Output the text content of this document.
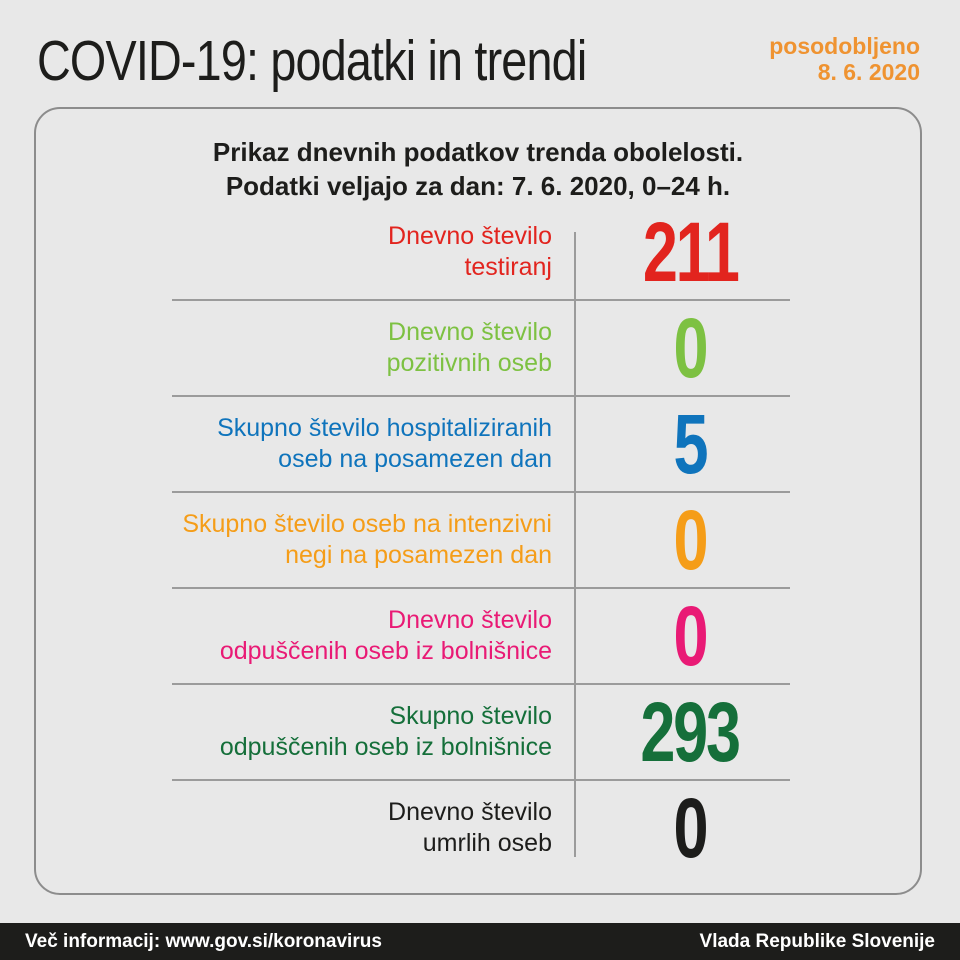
COVID-19: podatki in trendi	posodobljeno
8. 6. 2020
Prikaz dnevnih podatkov trenda obolelosti.
Podatki veljajo za dan: 7. 6. 2020, 0–24 h.
Dnevno število
testiranj	211
Dnevno število
pozitivnih oseb	0
Skupno število hospitaliziranih
oseb na posamezen dan	5
Skupno število oseb na intenzivni
negi na posamezen dan	0
Dnevno število
odpuščenih oseb iz bolnišnice	0
Skupno število
odpuščenih oseb iz bolnišnice	293
Dnevno število
umrlih oseb	0
Več informacij: www.gov.si/koronavirus	Vlada Republike Slovenije
